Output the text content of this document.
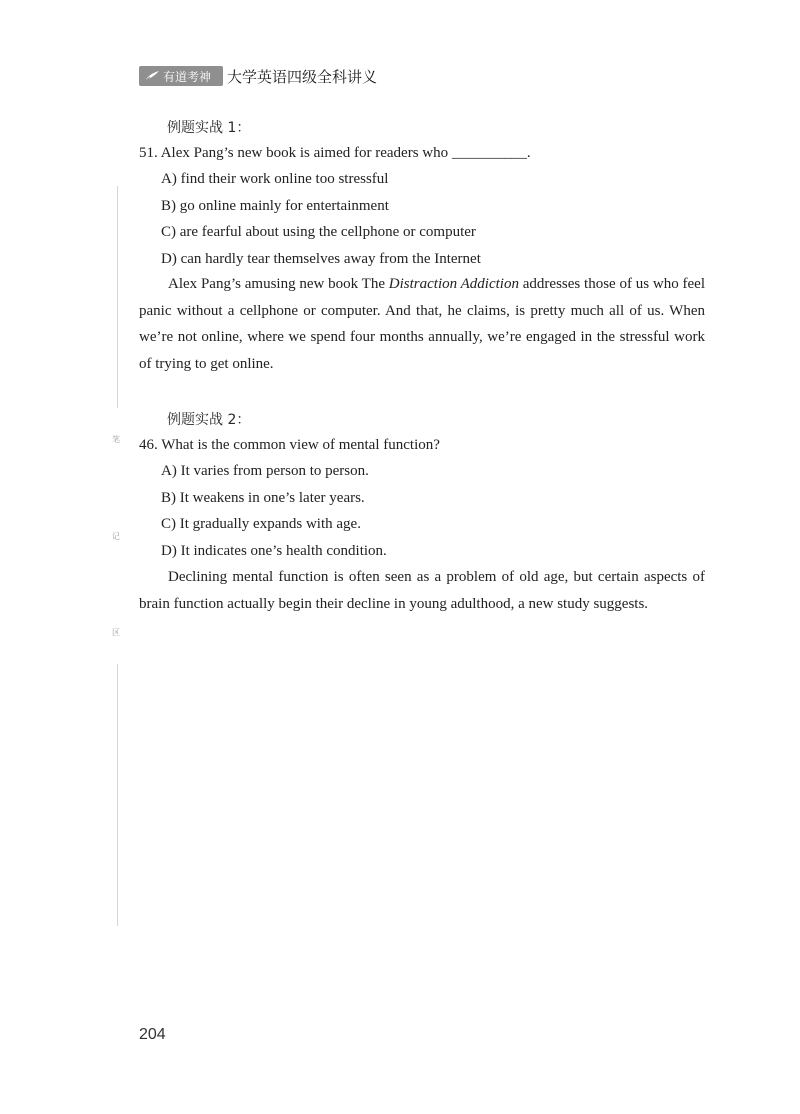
有道考神 大学英语四级全科讲义
笔
记
区
例题实战 1：
51. Alex Pang’s new book is aimed for readers who __________.
A) find their work online too stressful
B) go online mainly for entertainment
C) are fearful about using the cellphone or computer
D) can hardly tear themselves away from the Internet

Alex Pang’s amusing new book The Distraction Addiction addresses those of us who feel panic without a cellphone or computer. And that, he claims, is pretty much all of us. When we’re not online, where we spend four months annually, we’re engaged in the stressful work of trying to get online.

例题实战 2：
46. What is the common view of mental function?
A) It varies from person to person.
B) It weakens in one’s later years.
C) It gradually expands with age.
D) It indicates one’s health condition.

Declining mental function is often seen as a problem of old age, but certain aspects of brain function actually begin their decline in young adulthood, a new study suggests.

204
